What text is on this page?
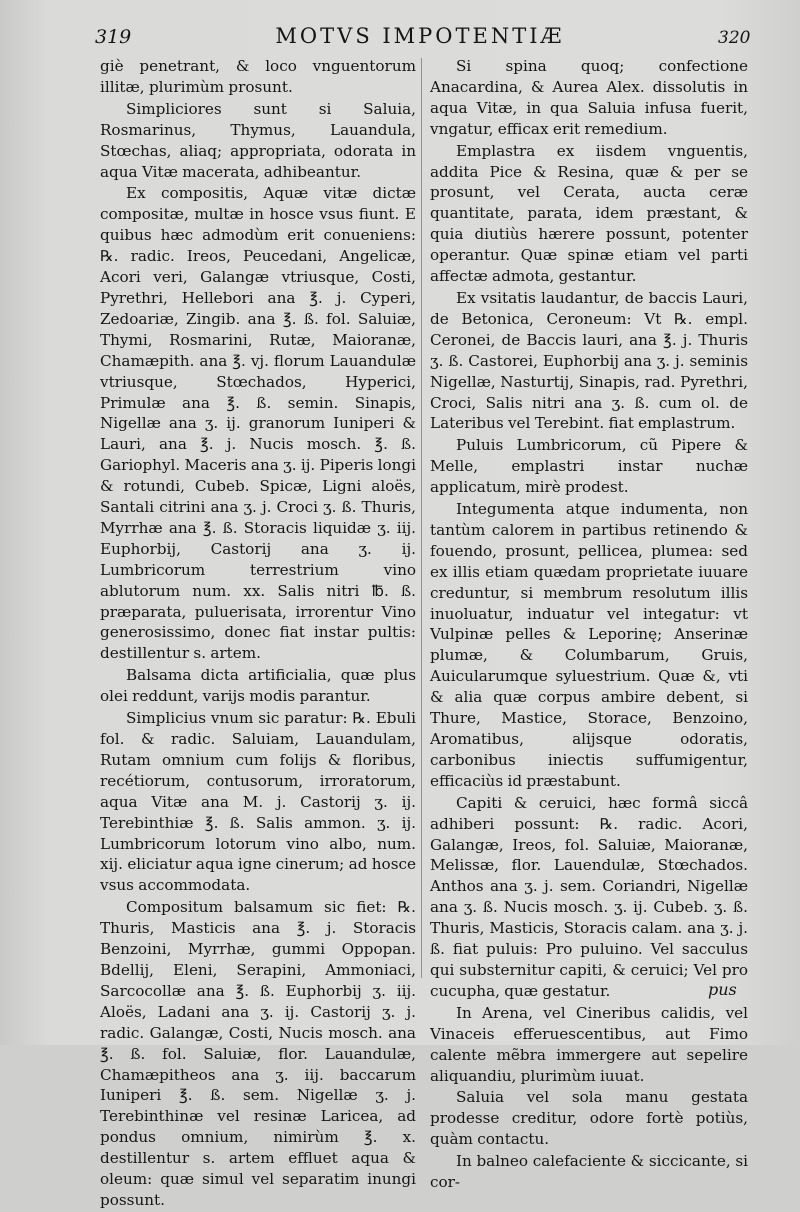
319	MOTVS IMPOTENTIÆ	320

giè penetrant, & loco vnguentorum illitæ, plurimùm prosunt.

Simpliciores sunt si Saluia, Rosmarinus, Thymus, Lauandula, Stœchas, aliaq; appropriata, odorata in aqua Vitæ macerata, adhibeantur.

Ex compositis, Aquæ vitæ dictæ compositæ, multæ in hosce vsus fiunt. E quibus hæc admodùm erit conueniens: ℞. radic. Ireos, Peucedani, Angelicæ, Acori veri, Galangæ vtriusque, Costi, Pyrethri, Hellebori ana ℥. j. Cyperi, Zedoariæ, Zingib. ana ℥. ß. fol. Saluiæ, Thymi, Rosmarini, Rutæ, Maioranæ, Chamæpith. ana ℥. vj. florum Lauandulæ vtriusque, Stœchados, Hyperici, Primulæ ana ℥. ß. semin. Sinapis, Nigellæ ana ʒ. ij. granorum Iuniperi & Lauri, ana ℥. j. Nucis mosch. ℥. ß. Gariophyl. Maceris ana ʒ. ij. Piperis longi & rotundi, Cubeb. Spicæ, Ligni aloës, Santali citrini ana ʒ. j. Croci ʒ. ß. Thuris, Myrrhæ ana ℥. ß. Storacis liquidæ ʒ. iij. Euphorbij, Castorij ana ʒ. ij. Lumbricorum terrestrium vino ablutorum num. xx. Salis nitri ℔. ß. præparata, puluerisata, irrorentur Vino generosissimo, donec fiat instar pultis: destillentur s. artem.

Balsama dicta artificialia, quæ plus olei reddunt, varijs modis parantur.

Simplicius vnum sic paratur: ℞. Ebuli fol. & radic. Saluiam, Lauandulam, Rutam omnium cum folijs & floribus, recétiorum, contusorum, irroratorum, aqua Vitæ ana M. j. Castorij ʒ. ij. Terebinthiæ ℥. ß. Salis ammon. ʒ. ij. Lumbricorum lotorum vino albo, num. xij. eliciatur aqua igne cinerum; ad hosce vsus accommodata.

Compositum balsamum sic fiet: ℞. Thuris, Masticis ana ℥. j. Storacis Benzoini, Myrrhæ, gummi Oppopan. Bdellij, Eleni, Serapini, Ammoniaci, Sarcocollæ ana ℥. ß. Euphorbij ʒ. iij. Aloës, Ladani ana ʒ. ij. Castorij ʒ. j. radic. Galangæ, Costi, Nucis mosch. ana ℥. ß. fol. Saluiæ, flor. Lauandulæ, Chamæpitheos ana ʒ. iij. baccarum Iuniperi ℥. ß. sem. Nigellæ ʒ. j. Terebinthinæ vel resinæ Laricea, ad pondus omnium, nimirùm ℥. x. destillentur s. artem effluet aqua & oleum: quæ simul vel separatim inungi possunt.

Si spina quoq; confectione Anacardina, & Aurea Alex. dissolutis in aqua Vitæ, in qua Saluia infusa fuerit, vngatur, efficax erit remedium.

Emplastra ex iisdem vnguentis, addita Pice & Resina, quæ & per se prosunt, vel Cerata, aucta ceræ quantitate, parata, idem præstant, & quia diutiùs hærere possunt, potenter operantur. Quæ spinæ etiam vel parti affectæ admota, gestantur.

Ex vsitatis laudantur, de baccis Lauri, de Betonica, Ceroneum: Vt ℞. empl. Ceronei, de Baccis lauri, ana ℥. j. Thuris ʒ. ß. Castorei, Euphorbij ana ʒ. j. seminis Nigellæ, Nasturtij, Sinapis, rad. Pyrethri, Croci, Salis nitri ana ʒ. ß. cum ol. de Lateribus vel Terebint. fiat emplastrum.

Puluis Lumbricorum, cũ Pipere & Melle, emplastri instar nuchæ applicatum, mirè prodest.

Integumenta atque indumenta, non tantùm calorem in partibus retinendo & fouendo, prosunt, pellicea, plumea: sed ex illis etiam quædam proprietate iuuare creduntur, si membrum resolutum illis inuoluatur, induatur vel integatur: vt Vulpinæ pelles & Leporinę; Anserinæ plumæ, & Columbarum, Gruis, Auicularumque syluestrium. Quæ &, vti & alia quæ corpus ambire debent, si Thure, Mastice, Storace, Benzoino, Aromatibus, alijsque odoratis, carbonibus iniectis suffumigentur, efficaciùs id præstabunt.

Capiti & ceruici, hæc formâ siccâ adhiberi possunt: ℞. radic. Acori, Galangæ, Ireos, fol. Saluiæ, Maioranæ, Melissæ, flor. Lauendulæ, Stœchados. Anthos ana ʒ. j. sem. Coriandri, Nigellæ ana ʒ. ß. Nucis mosch. ʒ. ij. Cubeb. ʒ. ß. Thuris, Masticis, Storacis calam. ana ʒ. j. ß. fiat puluis: Pro puluino. Vel sacculus qui substernitur capiti, & ceruici; Vel pro cucupha, quæ gestatur.

In Arena, vel Cineribus calidis, vel Vinaceis efferuescentibus, aut Fimo calente mẽbra immergere aut sepelire aliquandiu, plurimùm iuuat.

Saluia vel sola manu gestata prodesse creditur, odore fortè potiùs, quàm contactu.

In balneo calefaciente & siccicante, si cor-

pus
